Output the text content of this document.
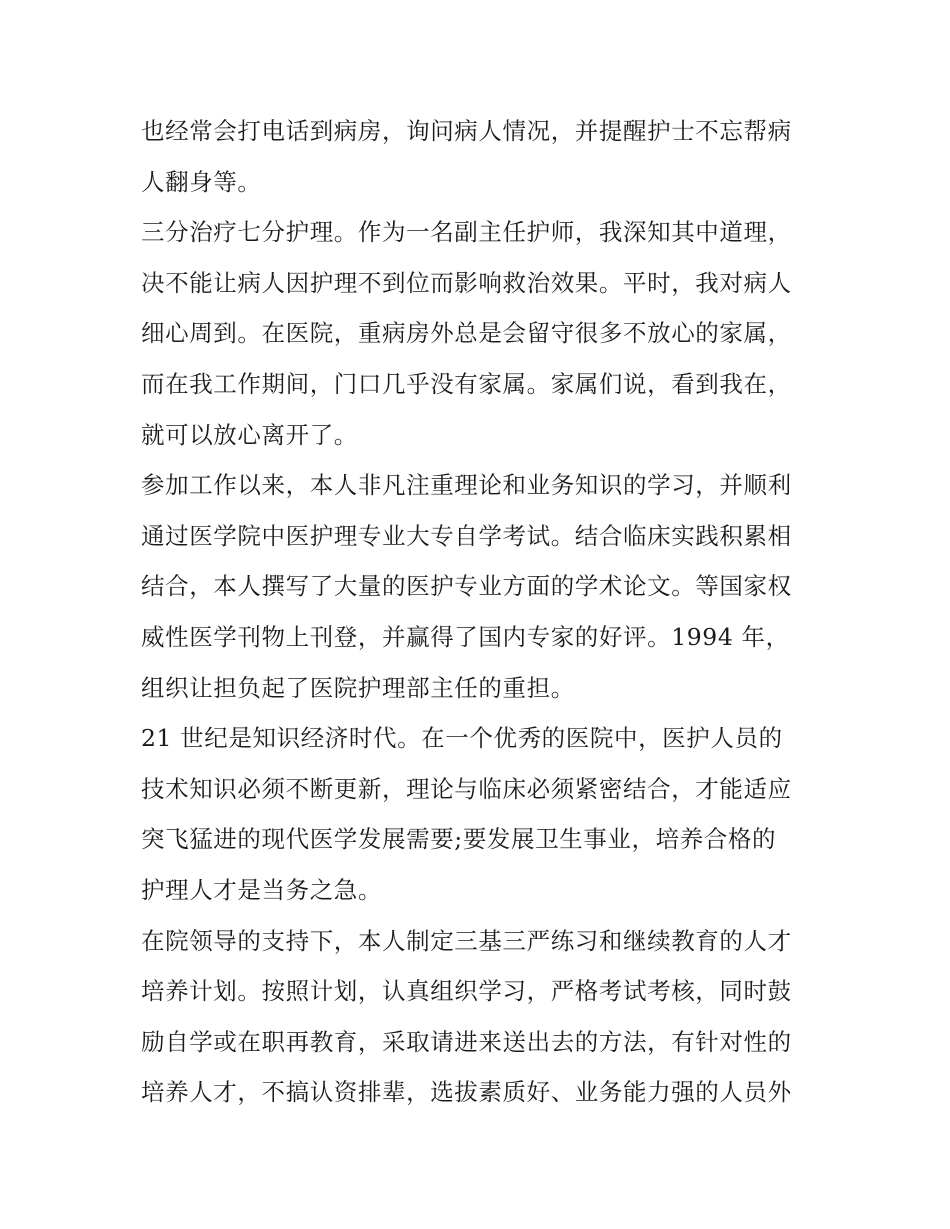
也经常会打电话到病房，询问病人情况，并提醒护士不忘帮病
人翻身等。
三分治疗七分护理。作为一名副主任护师，我深知其中道理，
决不能让病人因护理不到位而影响救治效果。平时，我对病人
细心周到。在医院，重病房外总是会留守很多不放心的家属，
而在我工作期间，门口几乎没有家属。家属们说，看到我在，
就可以放心离开了。
参加工作以来，本人非凡注重理论和业务知识的学习，并顺利
通过医学院中医护理专业大专自学考试。结合临床实践积累相
结合，本人撰写了大量的医护专业方面的学术论文。等国家权
威性医学刊物上刊登，并赢得了国内专家的好评。1994 年，
组织让担负起了医院护理部主任的重担。
21 世纪是知识经济时代。在一个优秀的医院中，医护人员的
技术知识必须不断更新，理论与临床必须紧密结合，才能适应
突飞猛进的现代医学发展需要;要发展卫生事业，培养合格的
护理人才是当务之急。
在院领导的支持下，本人制定三基三严练习和继续教育的人才
培养计划。按照计划，认真组织学习，严格考试考核，同时鼓
励自学或在职再教育，采取请进来送出去的方法，有针对性的
培养人才，不搞认资排辈，选拔素质好、业务能力强的人员外
